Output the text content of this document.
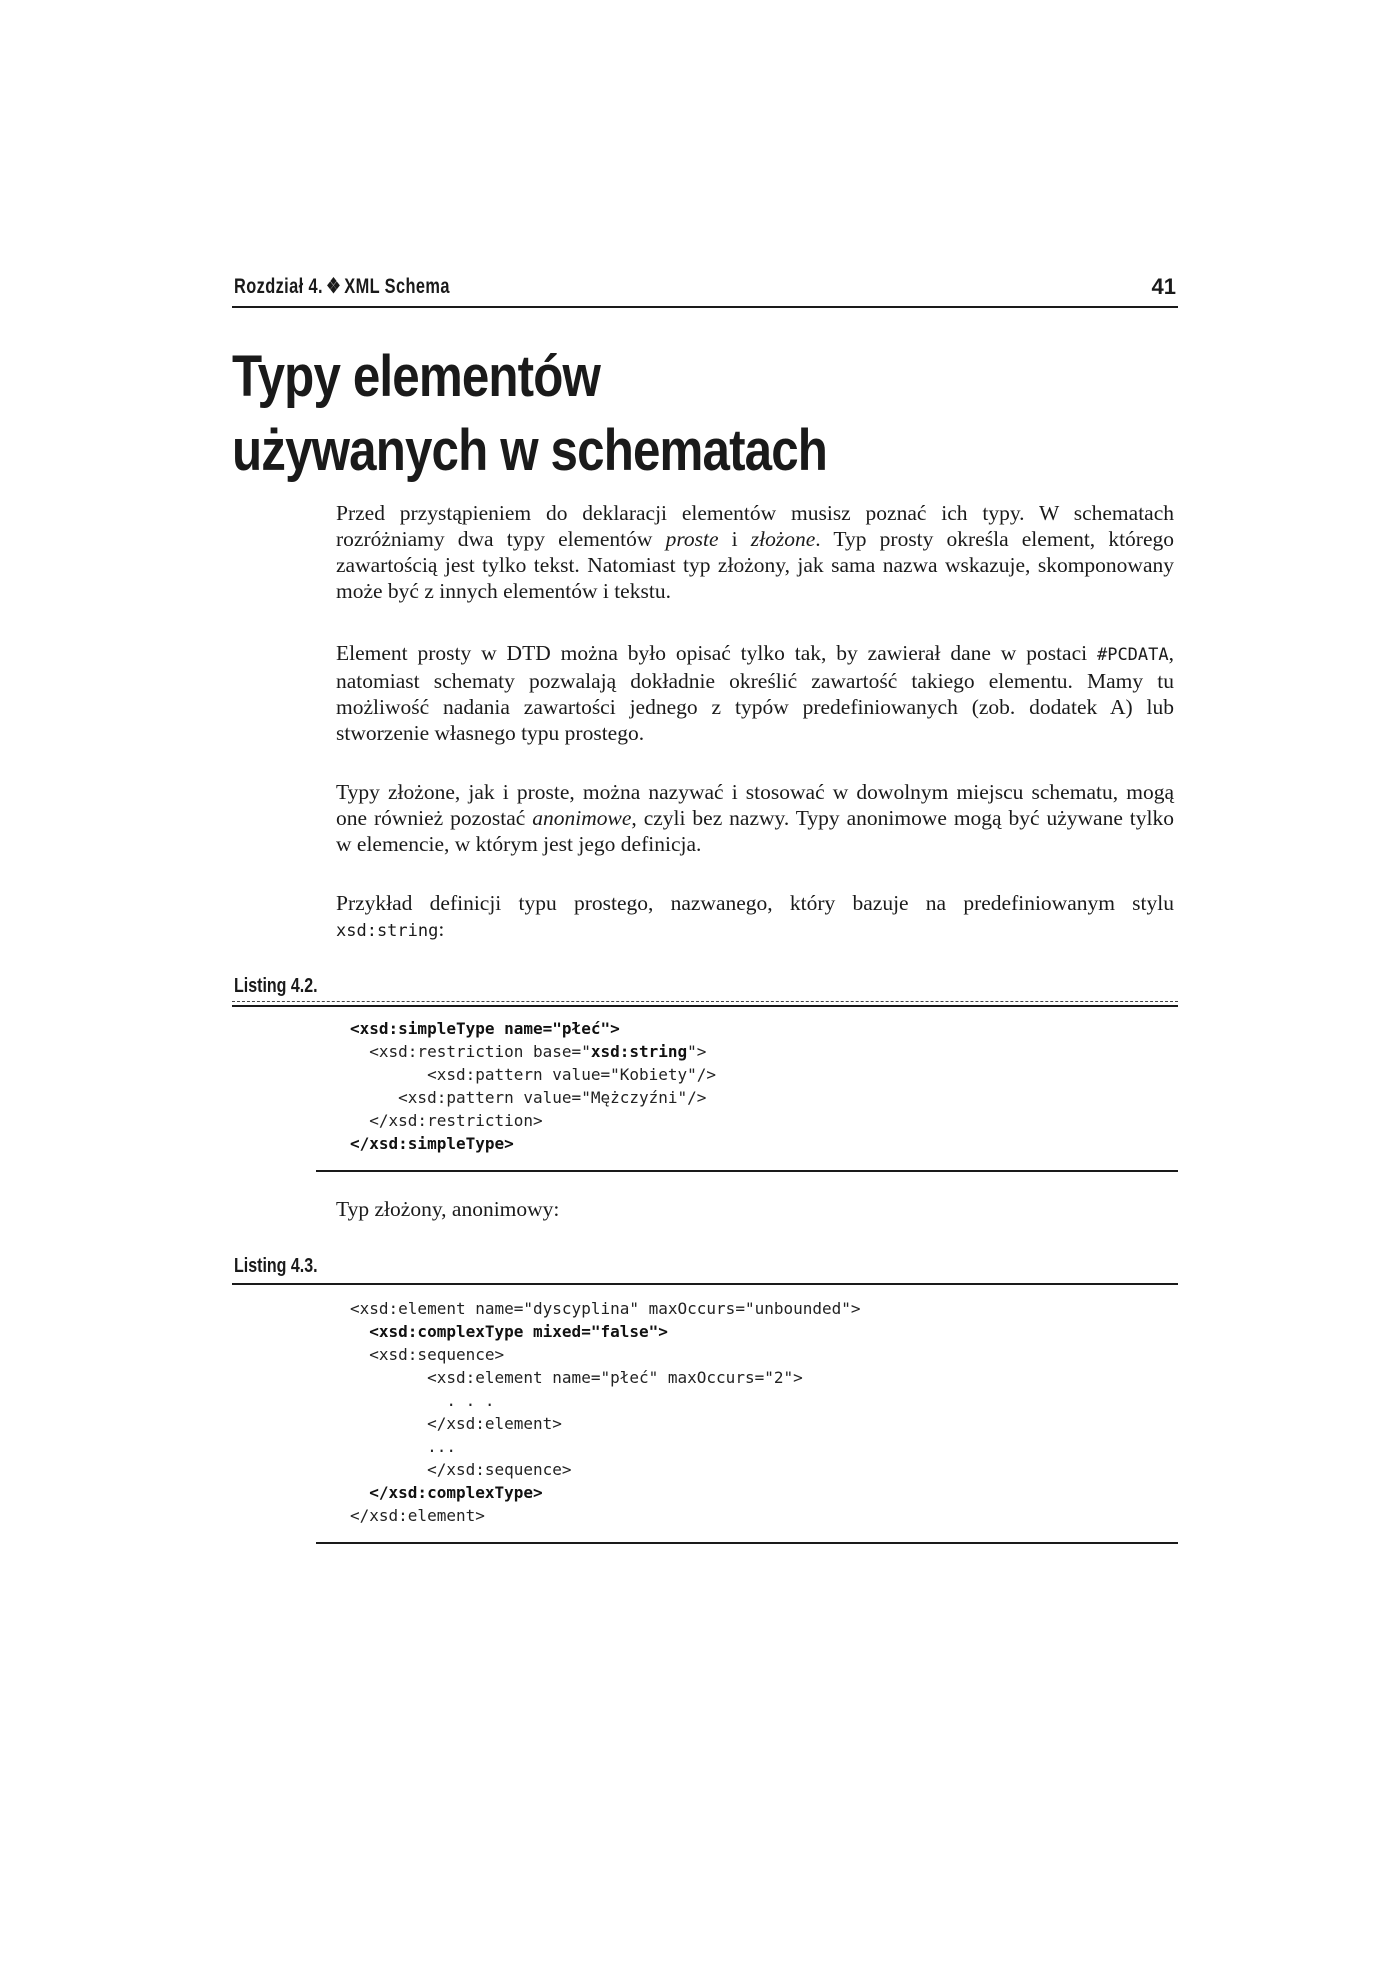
Rozdział 4. ❖ XML Schema	41
Typy elementów
używanych w schematach

Przed przystąpieniem do deklaracji elementów musisz poznać ich typy. W schematach rozróżniamy dwa typy elementów proste i złożone. Typ prosty określa element, którego zawartością jest tylko tekst. Natomiast typ złożony, jak sama nazwa wskazuje, skomponowany może być z innych elementów i tekstu.

Element prosty w DTD można było opisać tylko tak, by zawierał dane w postaci #PCDATA, natomiast schematy pozwalają dokładnie określić zawartość takiego elementu. Mamy tu możliwość nadania zawartości jednego z typów predefiniowanych (zob. dodatek A) lub stworzenie własnego typu prostego.

Typy złożone, jak i proste, można nazywać i stosować w dowolnym miejscu schematu, mogą one również pozostać anonimowe, czyli bez nazwy. Typy anonimowe mogą być używane tylko w elemencie, w którym jest jego definicja.

Przykład definicji typu prostego, nazwanego, który bazuje na predefiniowanym stylu xsd:string:

Listing 4.2.
<xsd:simpleType name="płeć">
<xsd:restriction base="xsd:string">
<xsd:pattern value="Kobiety"/>
<xsd:pattern value="Mężczyźni"/>
</xsd:restriction>
</xsd:simpleType>

Typ złożony, anonimowy:

Listing 4.3.
<xsd:element name="dyscyplina" maxOccurs="unbounded">
<xsd:complexType mixed="false">
<xsd:sequence>
<xsd:element name="płeć" maxOccurs="2">
. . .
</xsd:element>
...
</xsd:sequence>
</xsd:complexType>
</xsd:element>
